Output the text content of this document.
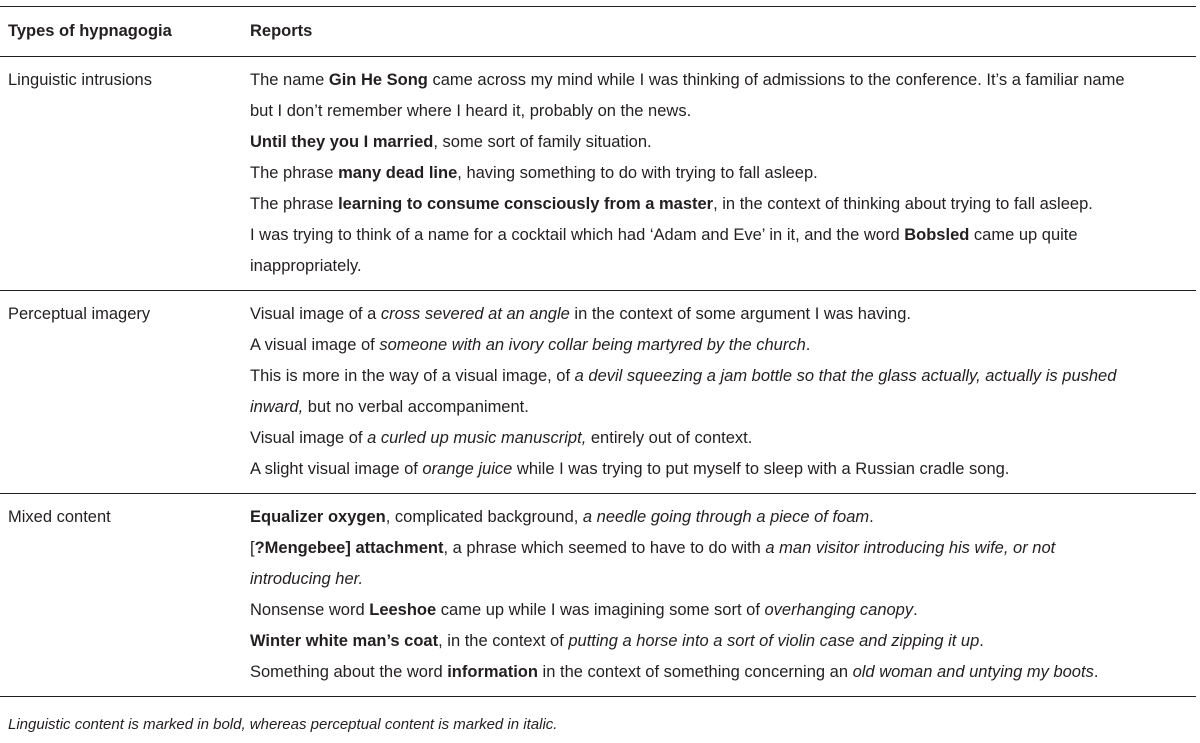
Types of hypnagogia	Reports
Linguistic intrusions	The name Gin He Song came across my mind while I was thinking of admissions to the conference. It’s a familiar name
but I don’t remember where I heard it, probably on the news.
Until they you I married, some sort of family situation.
The phrase many dead line, having something to do with trying to fall asleep.
The phrase learning to consume consciously from a master, in the context of thinking about trying to fall asleep.
I was trying to think of a name for a cocktail which had ‘Adam and Eve’ in it, and the word Bobsled came up quite
inappropriately.
Perceptual imagery	Visual image of a cross severed at an angle in the context of some argument I was having.
A visual image of someone with an ivory collar being martyred by the church.
This is more in the way of a visual image, of a devil squeezing a jam bottle so that the glass actually, actually is pushed
inward, but no verbal accompaniment.
Visual image of a curled up music manuscript, entirely out of context.
A slight visual image of orange juice while I was trying to put myself to sleep with a Russian cradle song.
Mixed content	Equalizer oxygen, complicated background, a needle going through a piece of foam.
[?Mengebee] attachment, a phrase which seemed to have to do with a man visitor introducing his wife, or not
introducing her.
Nonsense word Leeshoe came up while I was imagining some sort of overhanging canopy.
Winter white man’s coat, in the context of putting a horse into a sort of violin case and zipping it up.
Something about the word information in the context of something concerning an old woman and untying my boots.
Linguistic content is marked in bold, whereas perceptual content is marked in italic.
